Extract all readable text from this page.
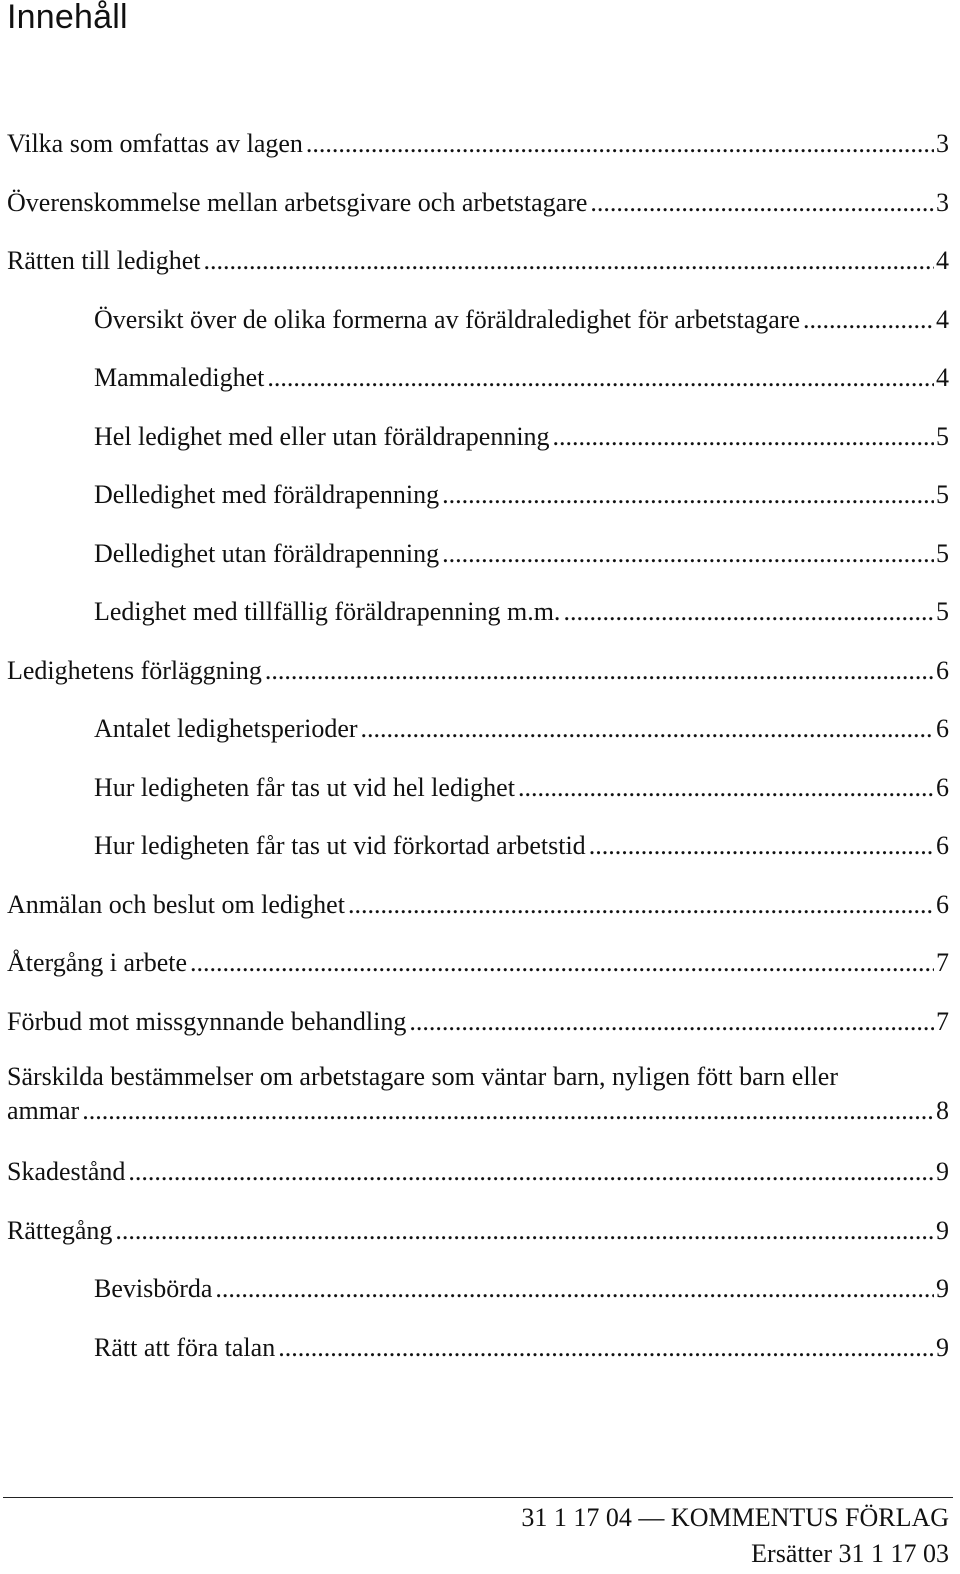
Innehåll
Vilka som omfattas av lagen .....	3
Överenskommelse mellan arbetsgivare och arbetstagare .....	3
Rätten till ledighet .....	4
Översikt över de olika formerna av föräldraledighet för arbetstagare .....	4
Mammaledighet .....	4
Hel ledighet med eller utan föräldrapenning .....	5
Delledighet med föräldrapenning .....	5
Delledighet utan föräldrapenning .....	5
Ledighet med tillfällig föräldrapenning m.m. .....	5
Ledighetens förläggning .....	6
Antalet ledighetsperioder .....	6
Hur ledigheten får tas ut vid hel ledighet .....	6
Hur ledigheten får tas ut vid förkortad arbetstid .....	6
Anmälan och beslut om ledighet .....	6
Återgång i arbete .....	7
Förbud mot missgynnande behandling .....	7
Särskilda bestämmelser om arbetstagare som väntar barn, nyligen fött barn eller
ammar .....	8
Skadestånd .....	9
Rättegång .....	9
Bevisbörda .....	9
Rätt att föra talan .....	9
31 1 17 04 — KOMMENTUS FÖRLAG
Ersätter 31 1 17 03
